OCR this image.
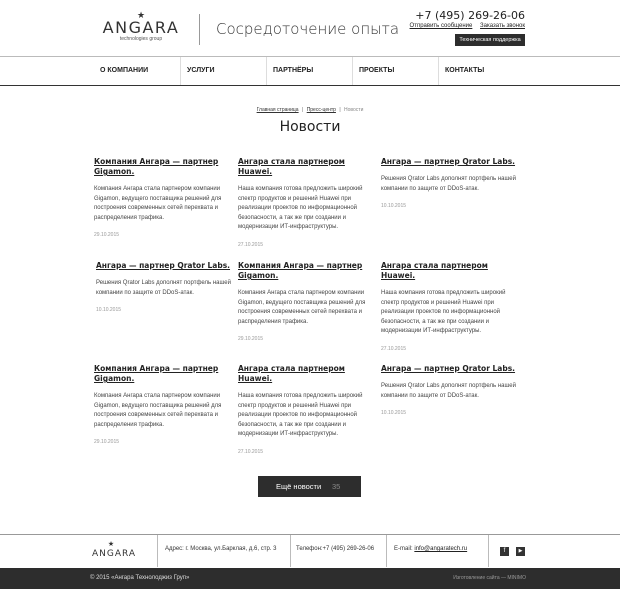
★
ANGARA
technologies group
Сосредоточение опыта
+7 (495) 269-26-06
Отправить сообщение Заказать звонок
Техническая поддержка
О КОМПАНИИ	УСЛУГИ	ПАРТНЁРЫ	ПРОЕКТЫ	КОНТАКТЫ
Главная страница | Пресс-центр | Новости
Новости
Компания Ангара — партнер Gigamon.
Компания Ангара стала партнером компании Gigamon, ведущего поставщика решений для построения современных сетей перехвата и распределения трафика.
29.10.2015
Ангара стала партнером Huawei.
Наша компания готова предложить широкий спектр продуктов и решений Huawei при реализации проектов по информационной безопасности, а так же при создании и модернизации ИТ-инфраструктуры.
27.10.2015
Ангара — партнер Qrator Labs.
Решения Qrator Labs дополнят портфель нашей компании по защите от DDoS-атак.
10.10.2015
Ангара — партнер Qrator Labs.
Решения Qrator Labs дополнят портфель нашей компании по защите от DDoS-атак.
10.10.2015
Компания Ангара — партнер Gigamon.
Компания Ангара стала партнером компании Gigamon, ведущего поставщика решений для построения современных сетей перехвата и распределения трафика.
29.10.2015
Ангара стала партнером Huawei.
Наша компания готова предложить широкий спектр продуктов и решений Huawei при реализации проектов по информационной безопасности, а так же при создании и модернизации ИТ-инфраструктуры.
27.10.2015
Компания Ангара — партнер Gigamon.
Компания Ангара стала партнером компании Gigamon, ведущего поставщика решений для построения современных сетей перехвата и распределения трафика.
29.10.2015
Ангара стала партнером Huawei.
Наша компания готова предложить широкий спектр продуктов и решений Huawei при реализации проектов по информационной безопасности, а так же при создании и модернизации ИТ-инфраструктуры.
27.10.2015
Ангара — партнер Qrator Labs.
Решения Qrator Labs дополнят портфель нашей компании по защите от DDoS-атак.
10.10.2015
Ещё новости 35
★
ANGARA	Адрес: г. Москва, ул.Барклая, д.6, стр. 3	Телефон:+7 (495) 269-26-06	E-mail: info@angaratech.ru	f	▶
© 2015 «Ангара Технолоджиз Груп»	Изготовление сайта — MINIMO
